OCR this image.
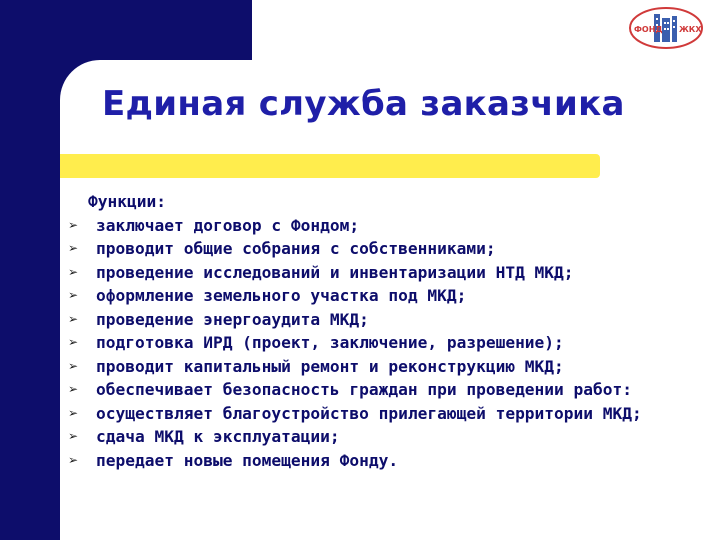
Единая служба заказчика
ФОНД ЖКХ
Функции:
➢ заключает договор с Фондом;
➢ проводит общие собрания с собственниками;
➢ проведение исследований и инвентаризации НТД МКД;
➢ оформление земельного участка под МКД;
➢ проведение энергоаудита МКД;
➢ подготовка ИРД (проект, заключение, разрешение);
➢ проводит капитальный ремонт и реконструкцию МКД;
➢ обеспечивает безопасность граждан при проведении работ:
➢ осуществляет благоустройство прилегающей территории МКД;
➢ сдача МКД к эксплуатации;
➢ передает новые помещения Фонду.
